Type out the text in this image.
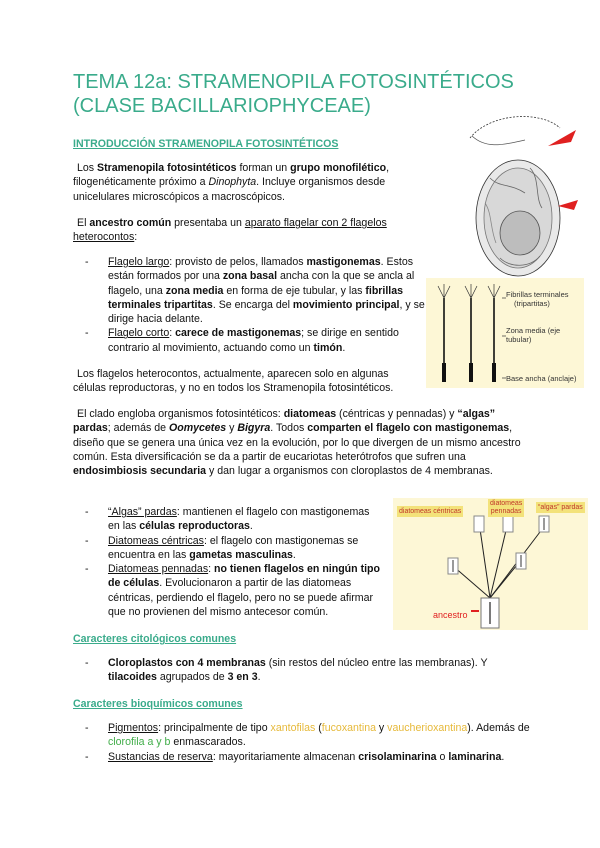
TEMA 12a: STRAMENOPILA FOTOSINTÉTICOS
(CLASE BACILLARIOPHYCEAE)
INTRODUCCIÓN STRAMENOPILA FOTOSINTÉTICOS

Los Stramenopila fotosintéticos forman un grupo monofilético, filogenéticamente próximo a Dinophyta. Incluye organismos desde unicelulares microscópicos a macroscópicos.

El ancestro común presentaba un aparato flagelar con 2 flagelos heterocontos:

- Flagelo largo: provisto de pelos, llamados mastigonemas. Estos están formados por una zona basal ancha con la que se ancla al flagelo, una zona media en forma de eje tubular, y las fibrillas terminales tripartitas. Se encarga del movimiento principal, y se dirige hacia delante.
- Flagelo corto: carece de mastigonemas; se dirige en sentido contrario al movimiento, actuando como un timón.

Los flagelos heterocontos, actualmente, aparecen solo en algunas células reproductoras, y no en todos los Stramenopila fotosintéticos.

El clado engloba organismos fotosintéticos: diatomeas (céntricas y pennadas) y “algas” pardas; además de Oomycetes y Bigyra. Todos comparten el flagelo con mastigonemas, diseño que se genera una única vez en la evolución, por lo que divergen de un mismo ancestro común. Esta diversificación se da a partir de eucariotas heterótrofos que sufren una endosimbiosis secundaria y dan lugar a organismos con cloroplastos de 4 membranas.

- “Algas” pardas: mantienen el flagelo con mastigonemas en las células reproductoras.
- Diatomeas céntricas: el flagelo con mastigonemas se encuentra en las gametas masculinas.
- Diatomeas pennadas: no tienen flagelos en ningún tipo de células. Evolucionaron a partir de las diatomeas céntricas, perdiendo el flagelo, pero no se puede afirmar que no provienen del mismo antecesor común.
Caracteres citológicos comunes
- Cloroplastos con 4 membranas (sin restos del núcleo entre las membranas). Y tilacoides agrupados de 3 en 3.
Caracteres bioquímicos comunes
- Pigmentos: principalmente de tipo xantofilas (fucoxantina y vaucherioxantina). Además de clorofila a y b enmascarados.
- Sustancias de reserva: mayoritariamente almacenan crisolaminarina o laminarina.
Fibrillas terminales
(tripartitas)
Zona media (eje
tubular)
Base ancha (anclaje)
diatomeas céntricas
diatomeas
pennadas
“algas” pardas
ancestro
